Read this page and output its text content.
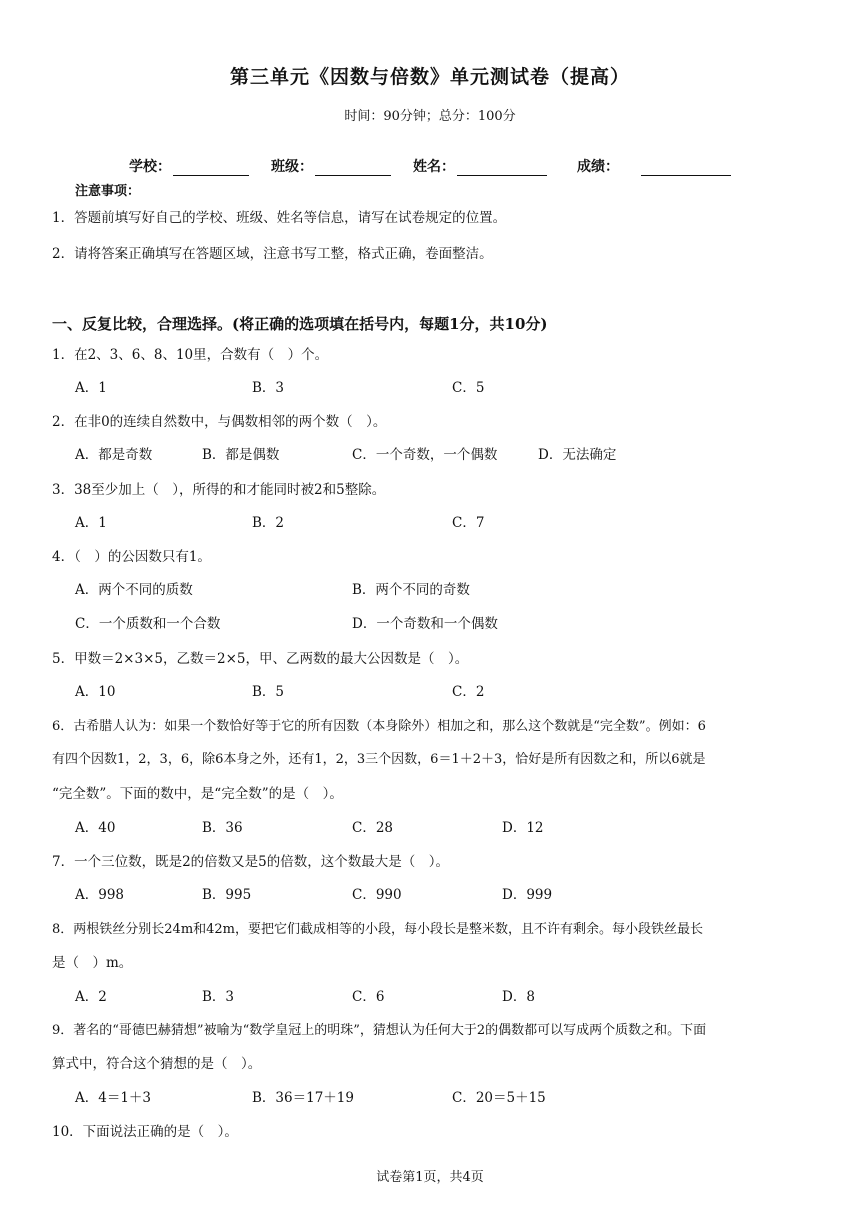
第三单元《因数与倍数》单元测试卷（提高）
时间：90分钟；总分：100分
学校：	班级：	姓名：	成绩：
注意事项：
1．答题前填写好自己的学校、班级、姓名等信息，请写在试卷规定的位置。
2．请将答案正确填写在答题区域，注意书写工整，格式正确，卷面整洁。
一、反复比较，合理选择。(将正确的选项填在括号内，每题1分，共10分)
1．在2、3、6、8、10里，合数有（　）个。
A．1	B．3	C．5
2．在非0的连续自然数中，与偶数相邻的两个数（　）。
A．都是奇数	B．都是偶数	C．一个奇数，一个偶数	D．无法确定
3．38至少加上（　），所得的和才能同时被2和5整除。
A．1	B．2	C．7
4．（　）的公因数只有1。
A．两个不同的质数	B．两个不同的奇数
C．一个质数和一个合数	D．一个奇数和一个偶数
5．甲数＝2×3×5，乙数＝2×5，甲、乙两数的最大公因数是（　）。
A．10	B．5	C．2
6．古希腊人认为：如果一个数恰好等于它的所有因数（本身除外）相加之和，那么这个数就是“完全数”。例如：6
有四个因数1，2，3，6，除6本身之外，还有1，2，3三个因数，6＝1＋2＋3，恰好是所有因数之和，所以6就是
“完全数”。下面的数中，是“完全数”的是（　）。
A．40	B．36	C．28	D．12
7．一个三位数，既是2的倍数又是5的倍数，这个数最大是（　）。
A．998	B．995	C．990	D．999
8．两根铁丝分别长24m和42m，要把它们截成相等的小段，每小段长是整米数，且不许有剩余。每小段铁丝最长
是（　）m。
A．2	B．3	C．6	D．8
9．著名的“哥德巴赫猜想”被喻为“数学皇冠上的明珠”，猜想认为任何大于2的偶数都可以写成两个质数之和。下面
算式中，符合这个猜想的是（　）。
A．4＝1＋3	B．36＝17＋19	C．20＝5＋15
10．下面说法正确的是（　）。
试卷第1页，共4页
